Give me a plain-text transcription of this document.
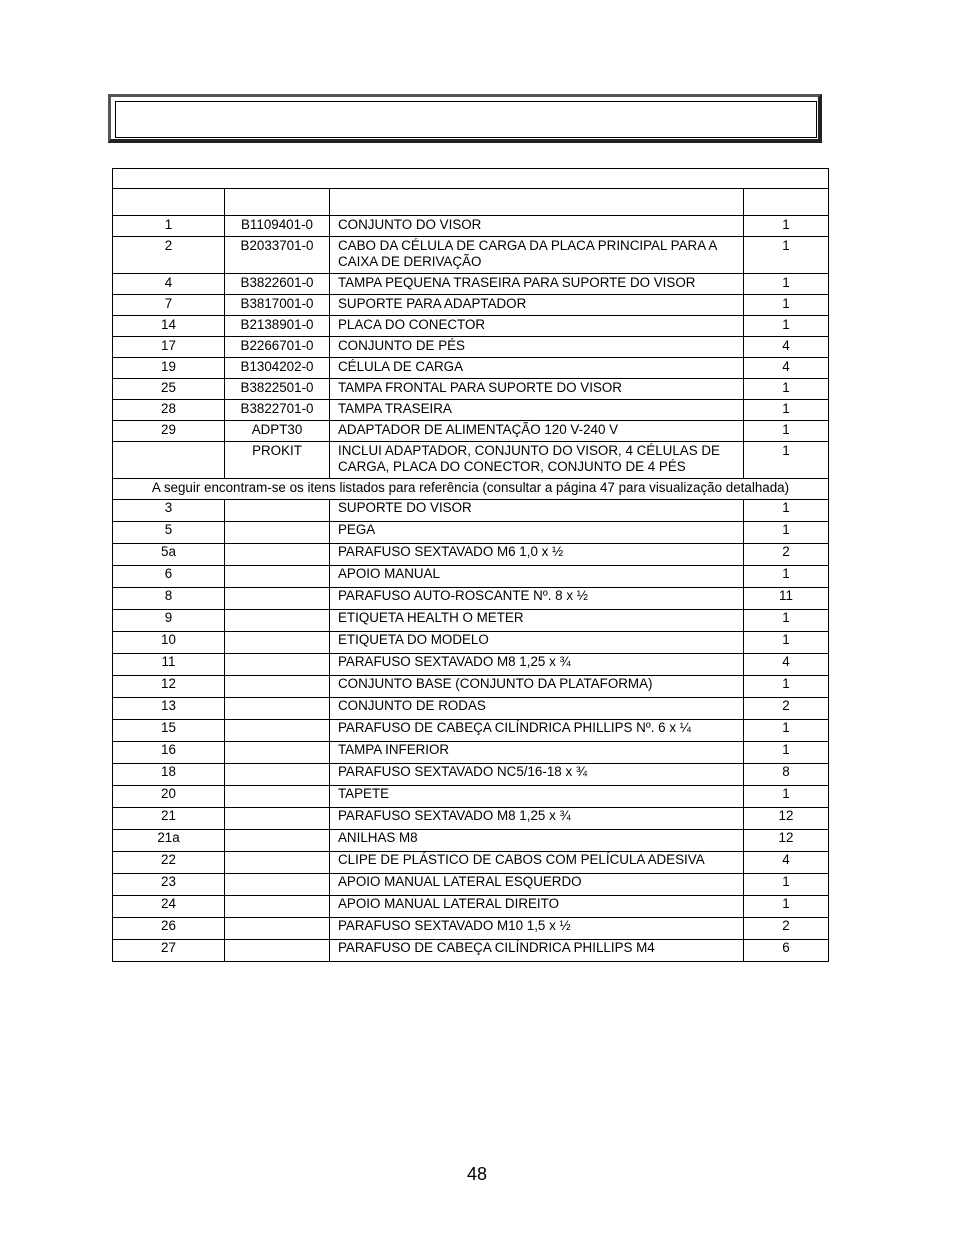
1	B1109401-0	CONJUNTO DO VISOR	1
2	B2033701-0	CABO DA CÉLULA DE CARGA DA PLACA PRINCIPAL PARA A CAIXA DE DERIVAÇÃO	1
4	B3822601-0	TAMPA PEQUENA TRASEIRA PARA SUPORTE DO VISOR	1
7	B3817001-0	SUPORTE PARA ADAPTADOR	1
14	B2138901-0	PLACA DO CONECTOR	1
17	B2266701-0	CONJUNTO DE PÉS	4
19	B1304202-0	CÉLULA DE CARGA	4
25	B3822501-0	TAMPA FRONTAL PARA SUPORTE DO VISOR	1
28	B3822701-0	TAMPA TRASEIRA	1
29	ADPT30	ADAPTADOR DE ALIMENTAÇÃO 120 V-240 V	1
	PROKIT	INCLUI ADAPTADOR, CONJUNTO DO VISOR, 4 CÉLULAS DE CARGA, PLACA DO CONECTOR, CONJUNTO DE 4 PÉS	1
A seguir encontram-se os itens listados para referência (consultar a página 47 para visualização detalhada)			
3		SUPORTE DO VISOR	1
5		PEGA	1
5a		PARAFUSO SEXTAVADO M6 1,0 x ½	2
6		APOIO MANUAL	1
8		PARAFUSO AUTO-ROSCANTE Nº. 8 x ½	11
9		ETIQUETA HEALTH O METER	1
10		ETIQUETA DO MODELO	1
11		PARAFUSO SEXTAVADO M8 1,25 x ¾	4
12		CONJUNTO BASE (CONJUNTO DA PLATAFORMA)	1
13		CONJUNTO DE RODAS	2
15		PARAFUSO DE CABEÇA CILÍNDRICA PHILLIPS Nº. 6 x ¼	1
16		TAMPA INFERIOR	1
18		PARAFUSO SEXTAVADO NC5/16-18 x ¾	8
20		TAPETE	1
21		PARAFUSO SEXTAVADO M8 1,25 x ¾	12
21a		ANILHAS M8	12
22		CLIPE DE PLÁSTICO DE CABOS COM PELÍCULA ADESIVA	4
23		APOIO MANUAL LATERAL ESQUERDO	1
24		APOIO MANUAL LATERAL DIREITO	1
26		PARAFUSO SEXTAVADO M10 1,5 x ½	2
27		PARAFUSO DE CABEÇA CILÍNDRICA PHILLIPS M4	6
48
